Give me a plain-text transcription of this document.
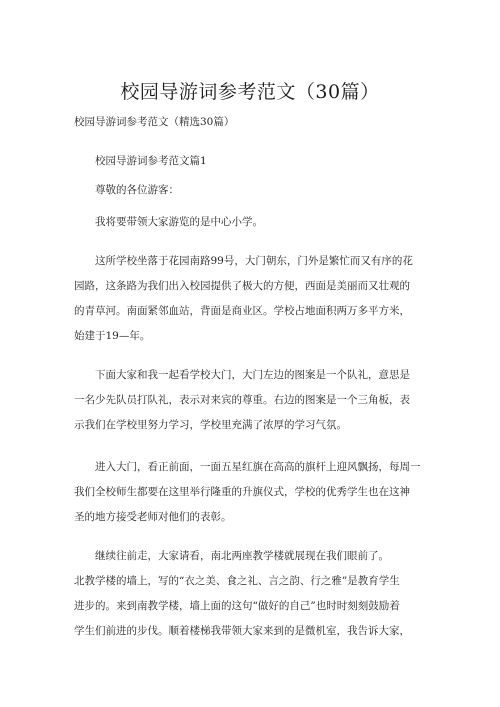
校园导游词参考范文（30篇）
校园导游词参考范文（精选30篇）
校园导游词参考范文篇1
尊敬的各位游客：
我将要带领大家游览的是中心小学。
这所学校坐落于花园南路99号，大门朝东，门外是繁忙而又有序的花
园路，这条路为我们出入校园提供了极大的方便，西面是美丽而又壮观的
的青草河。南面紧邻血站，背面是商业区。学校占地面积两万多平方米，
始建于19—年。
下面大家和我一起看学校大门，大门左边的图案是一个队礼，意思是
一名少先队员打队礼，表示对来宾的尊重。右边的图案是一个三角板，表
示我们在学校里努力学习，学校里充满了浓厚的学习气氛。
进入大门，看正前面，一面五星红旗在高高的旗杆上迎风飘扬，每周一
我们全校师生都要在这里举行隆重的升旗仪式，学校的优秀学生也在这神
圣的地方接受老师对他们的表彰。
继续往前走，大家请看，南北两座教学楼就展现在我们眼前了。
北教学楼的墙上，写的“衣之美、食之礼、言之韵、行之雅”是教育学生
进步的。来到南教学楼，墙上面的这句“做好的自己”也时时刻刻鼓励着
学生们前进的步伐。顺着楼梯我带领大家来到的是微机室，我告诉大家，
